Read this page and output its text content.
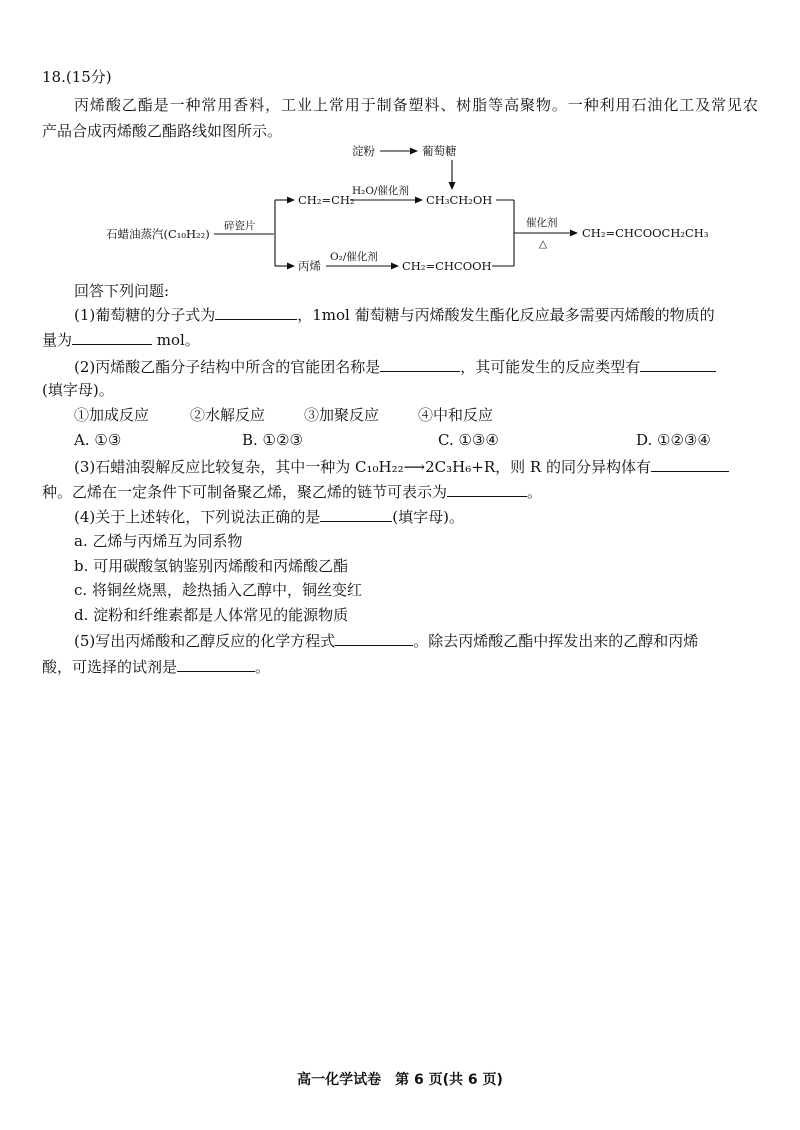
18.(15分)
丙烯酸乙酯是一种常用香料，工业上常用于制备塑料、树脂等高聚物。一种利用石油化工及常见农
产品合成丙烯酸乙酯路线如图所示。
淀粉	葡萄糖
石蜡油蒸汽(C₁₀H₂₂)
碎瓷片
CH₂=CH₂
H₂O/催化剂
CH₃CH₂OH
丙烯
O₂/催化剂
CH₂=CHCOOH
催化剂
△
CH₂=CHCOOCH₂CH₃
回答下列问题:
(1)葡萄糖的分子式为	，1mol 葡萄糖与丙烯酸发生酯化反应最多需要丙烯酸的物质的
量为	mol。
(2)丙烯酸乙酯分子结构中所含的官能团名称是	，其可能发生的反应类型有
(填字母)。
①加成反应	②水解反应	③加聚反应	④中和反应
A. ①③	B. ①②③	C. ①③④	D. ①②③④
(3)石蜡油裂解反应比较复杂，其中一种为 C₁₀H₂₂⟶2C₃H₆+R，则 R 的同分异构体有
种。乙烯在一定条件下可制备聚乙烯，聚乙烯的链节可表示为	。
(4)关于上述转化，下列说法正确的是	(填字母)。
a. 乙烯与丙烯互为同系物
b. 可用碳酸氢钠鉴别丙烯酸和丙烯酸乙酯
c. 将铜丝烧黑，趁热插入乙醇中，铜丝变红
d. 淀粉和纤维素都是人体常见的能源物质
(5)写出丙烯酸和乙醇反应的化学方程式	。除去丙烯酸乙酯中挥发出来的乙醇和丙烯
酸，可选择的试剂是	。
高一化学试卷　第 6 页(共 6 页)
